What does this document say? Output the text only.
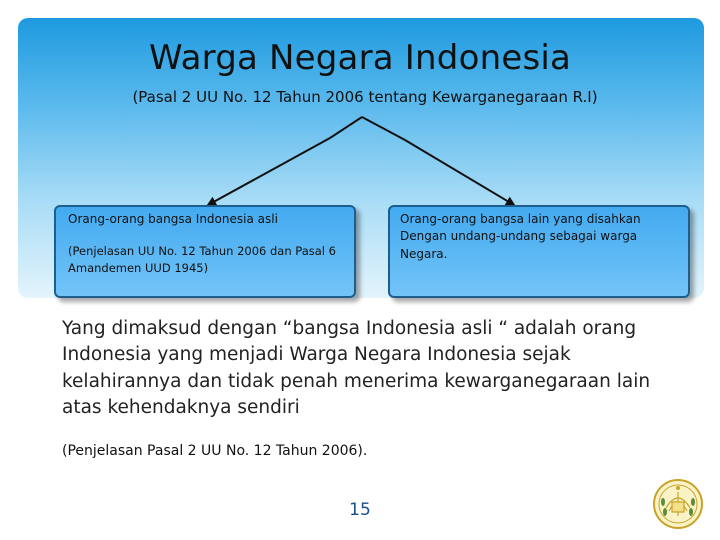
Warga Negara Indonesia
(Pasal 2 UU No. 12 Tahun 2006 tentang Kewarganegaraan R.I)
Orang-orang bangsa Indonesia asli
(Penjelasan UU No. 12 Tahun 2006 dan Pasal 6 Amandemen UUD 1945)
Orang-orang bangsa lain yang disahkan Dengan undang-undang sebagai warga Negara.
Yang dimaksud dengan “bangsa Indonesia asli “ adalah orang Indonesia yang menjadi Warga Negara Indonesia sejak kelahirannya dan tidak penah menerima kewarganegaraan lain atas kehendaknya sendiri
(Penjelasan Pasal 2 UU No. 12 Tahun 2006).
15
